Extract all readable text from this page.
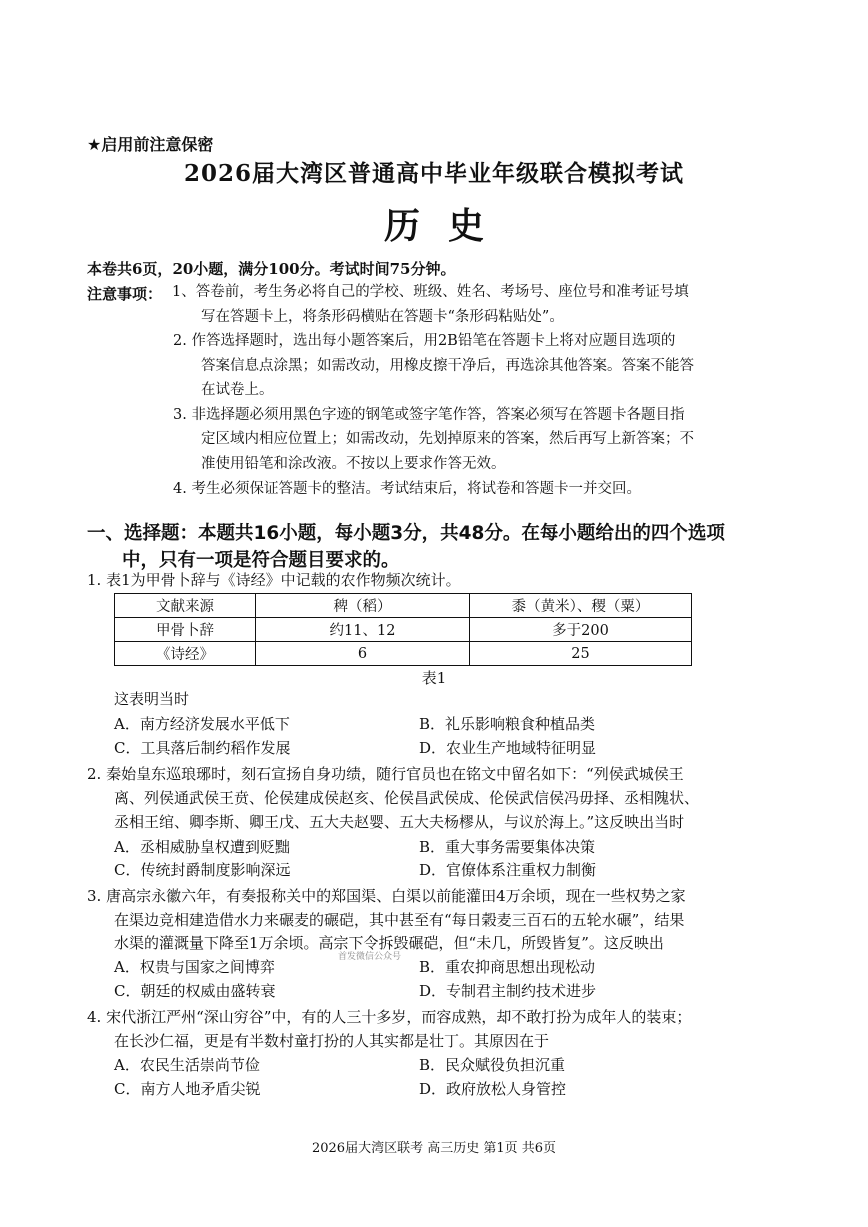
★启用前注意保密
2026届大湾区普通高中毕业年级联合模拟考试
历史
本卷共6页，20小题，满分100分。考试时间75分钟。
注意事项： 1、答卷前，考生务必将自己的学校、班级、姓名、考场号、座位号和准考证号填
写在答题卡上，将条形码横贴在答题卡“条形码粘贴处”。
2. 作答选择题时，选出每小题答案后，用2B铅笔在答题卡上将对应题目选项的
答案信息点涂黑；如需改动，用橡皮擦干净后，再选涂其他答案。答案不能答
在试卷上。
3. 非选择题必须用黑色字迹的钢笔或签字笔作答，答案必须写在答题卡各题目指
定区域内相应位置上；如需改动，先划掉原来的答案，然后再写上新答案；不
准使用铅笔和涂改液。不按以上要求作答无效。
4. 考生必须保证答题卡的整洁。考试结束后，将试卷和答题卡一并交回。
一、选择题：本题共16小题，每小题3分，共48分。在每小题给出的四个选项
中，只有一项是符合题目要求的。
1. 表1为甲骨卜辞与《诗经》中记载的农作物频次统计。
文献来源	稗（稻）	黍（黄米）、稷（粟）
甲骨卜辞	约11、12	多于200
《诗经》	6	25
表1
这表明当时
A．南方经济发展水平低下	B．礼乐影响粮食种植品类
C．工具落后制约稻作发展	D．农业生产地域特征明显
2. 秦始皇东巡琅琊时，刻石宣扬自身功绩，随行官员也在铭文中留名如下：“列侯武城侯王
离、列侯通武侯王贲、伦侯建成侯赵亥、伦侯昌武侯成、伦侯武信侯冯毋择、丞相隗状、
丞相王绾、卿李斯、卿王戊、五大夫赵婴、五大夫杨樛从，与议於海上。”这反映出当时
A．丞相威胁皇权遭到贬黜	B．重大事务需要集体决策
C．传统封爵制度影响深远	D．官僚体系注重权力制衡
3. 唐高宗永徽六年，有奏报称关中的郑国渠、白渠以前能灌田4万余顷，现在一些权势之家
在渠边竞相建造借水力来碾麦的碾硙，其中甚至有“每日榖麦三百石的五轮水碾”，结果
水渠的灌溉量下降至1万余顷。高宗下令拆毁碾硙，但“未几，所毁皆复”。这反映出
首发微信公众号
A．权贵与国家之间博弈	B．重农抑商思想出现松动
C．朝廷的权威由盛转衰	D．专制君主制约技术进步
4. 宋代浙江严州“深山穷谷”中，有的人三十多岁，而容成熟，却不敢打扮为成年人的装束；
在长沙仁福，更是有半数村童打扮的人其实都是壮丁。其原因在于
A．农民生活崇尚节俭	B．民众赋役负担沉重
C．南方人地矛盾尖锐	D．政府放松人身管控
2026届大湾区联考 高三历史 第1页 共6页
